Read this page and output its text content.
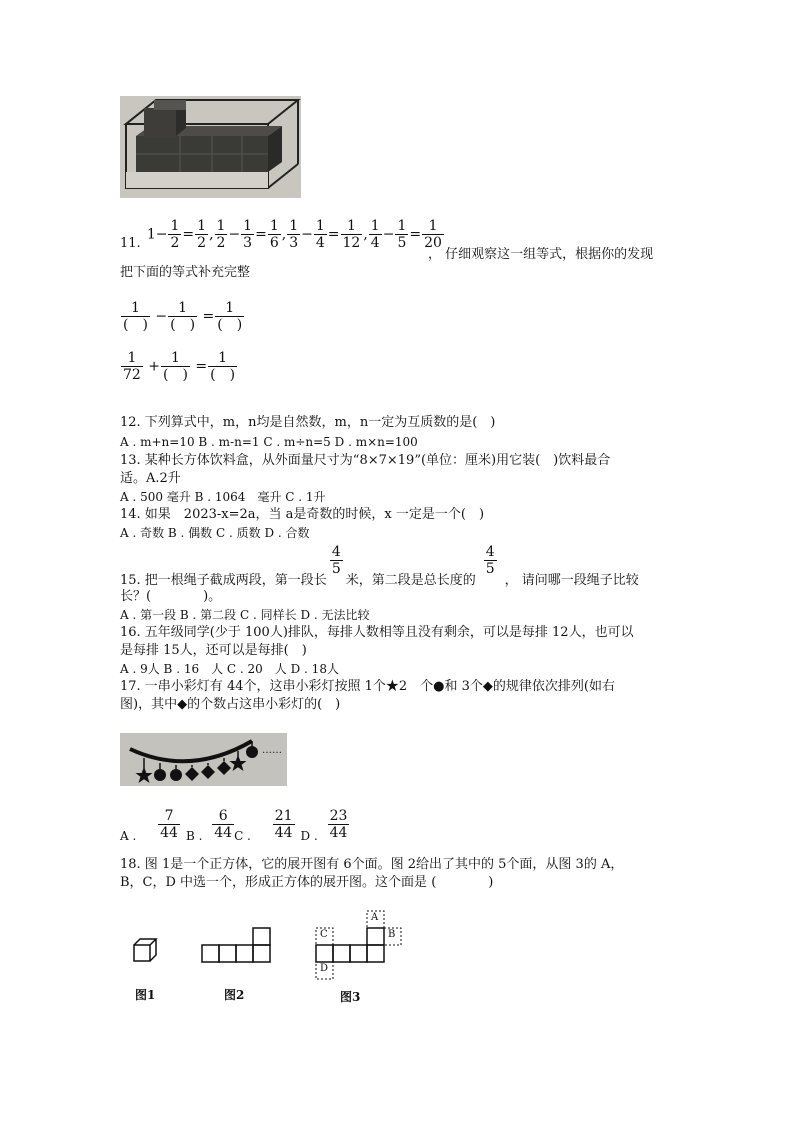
11. $1- \frac{1}{2} = \frac{1}{2}$ , $\frac{1}{2} - \frac{1}{3} = \frac{1}{6}$ , $\frac{1}{3} - \frac{1}{4} = \frac{1}{12}$ , $\frac{1}{4} - \frac{1}{5} = \frac{1}{20}$
， 仔细观察这一组等式，根据你的发现
把下面的等式补充完整
$\frac{1}{( )} - \frac{1}{( )} = \frac{1}{( )}$
$\frac{1}{72} + \frac{1}{( )} = \frac{1}{( )}$
12. 下列算式中，m，n均是自然数，m，n一定为互质数的是(　)
A . m+n=10 B . m-n=1 C . m÷n=5 D . m×n=100
13. 某种长方体饮料盒，从外面量尺寸为“8×7×19”(单位：厘米)用它装(　)饮料最合
适。A.2升
A . 500 毫升 B . 1064　毫升 C . 1升
14. 如果　2023-x=2a，当 a是奇数的时候，x 一定是一个(　)
A . 奇数 B . 偶数 C . 质数 D . 合数
15. 把一根绳子截成两段，第一段长
$\frac{4}{5}$
米，第二段是总长度的
$\frac{4}{5}$
， 请问哪一段绳子比较
长？(　　　　)。
A . 第一段 B . 第二段 C . 同样长 D . 无法比较
16. 五年级同学(少于 100人)排队，每排人数相等且没有剩余，可以是每排 12人，也可以
是每排 15人，还可以是每排(　)
A . 9人 B . 16　人 C . 20　人 D . 18人
17. 一串小彩灯有 44个，这串小彩灯按照 1个★2　个●和 3个◆的规律依次排列(如右
图)，其中◆的个数占这串小彩灯的(　)
……
A . $\frac{7}{44}$ B . $\frac{6}{44}$ C . $\frac{21}{44}$ D . $\frac{23}{44}$
18. 图 1是一个正方体，它的展开图有 6个面。图 2给出了其中的 5个面，从图 3的 A，
B，C，D 中选一个，形成正方体的展开图。这个面是 (　　　　)
A
B
C
D
图1	图2	图3
